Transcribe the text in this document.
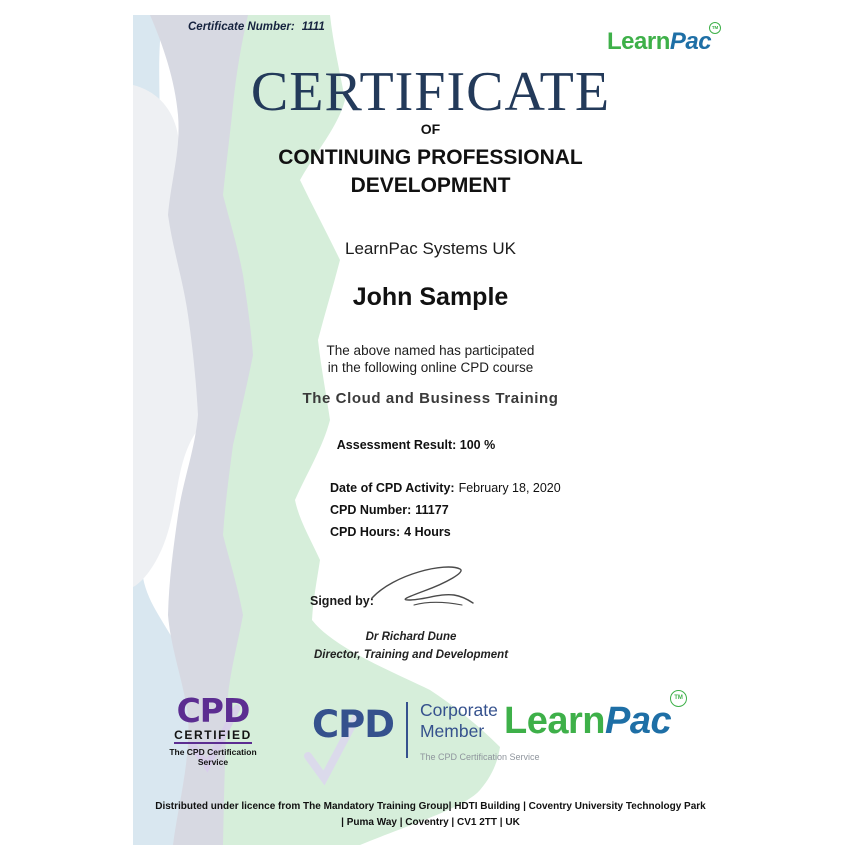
Certificate Number: 1111
LearnPacTM
CERTIFICATE
OF
CONTINUING PROFESSIONAL
DEVELOPMENT
LearnPac Systems UK
John Sample
The above named has participated
in the following online CPD course
The Cloud and Business Training
Assessment Result: 100 %
Date of CPD Activity: February 18, 2020
CPD Number: 11177
CPD Hours: 4 Hours
Signed by:
Dr Richard Dune
Director, Training and Development
CPD
CERTIFIED
The CPD Certification
Service
CPD Corporate
Member
The CPD Certification Service
LearnPacTM
Distributed under licence from The Mandatory Training Group| HDTI Building | Coventry University Technology Park
| Puma Way | Coventry | CV1 2TT | UK
